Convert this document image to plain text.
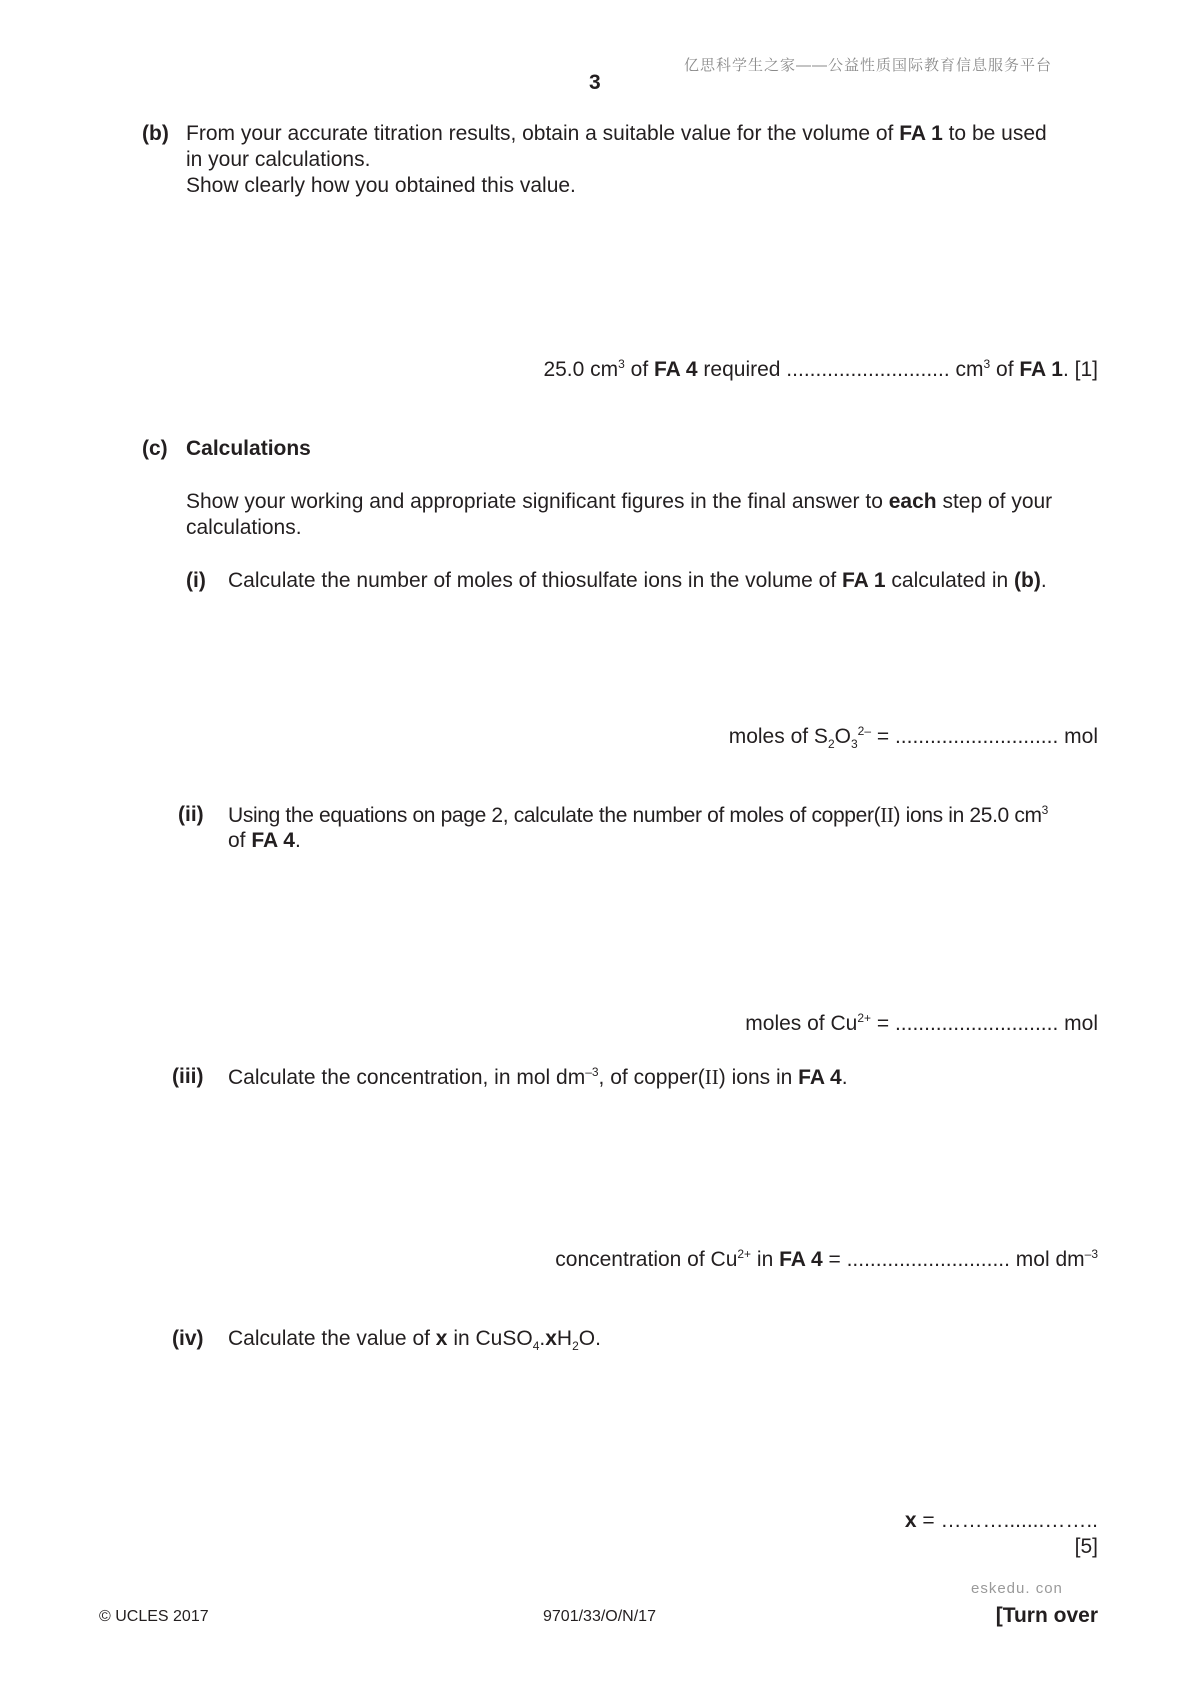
亿思科学生之家——公益性质国际教育信息服务平台
3
(b) From your accurate titration results, obtain a suitable value for the volume of FA 1 to be used
in your calculations.
Show clearly how you obtained this value.
25.0 $cm^3$ of FA 4 required ............................ $cm^3$ of FA 1. [1]
(c) Calculations
Show your working and appropriate significant figures in the final answer to each step of your
calculations.
(i) Calculate the number of moles of thiosulfate ions in the volume of FA 1 calculated in (b).
moles of $S_2O_3^{2-}$ = ............................ mol
(ii) Using the equations on page 2, calculate the number of moles of copper(II) ions in 25.0 $cm^3$
of FA 4.
moles of $Cu^{2+}$ = ............................ mol
(iii) Calculate the concentration, in mol $dm^{-3}$, of copper(II) ions in FA 4.
concentration of $Cu^{2+}$ in FA 4 = ............................ mol $dm^{-3}$
(iv) Calculate the value of x in $CuSO_4.xH_2O$.
x = ……….......……..
[5]
eskedu. con
© UCLES 2017	9701/33/O/N/17	[Turn over
